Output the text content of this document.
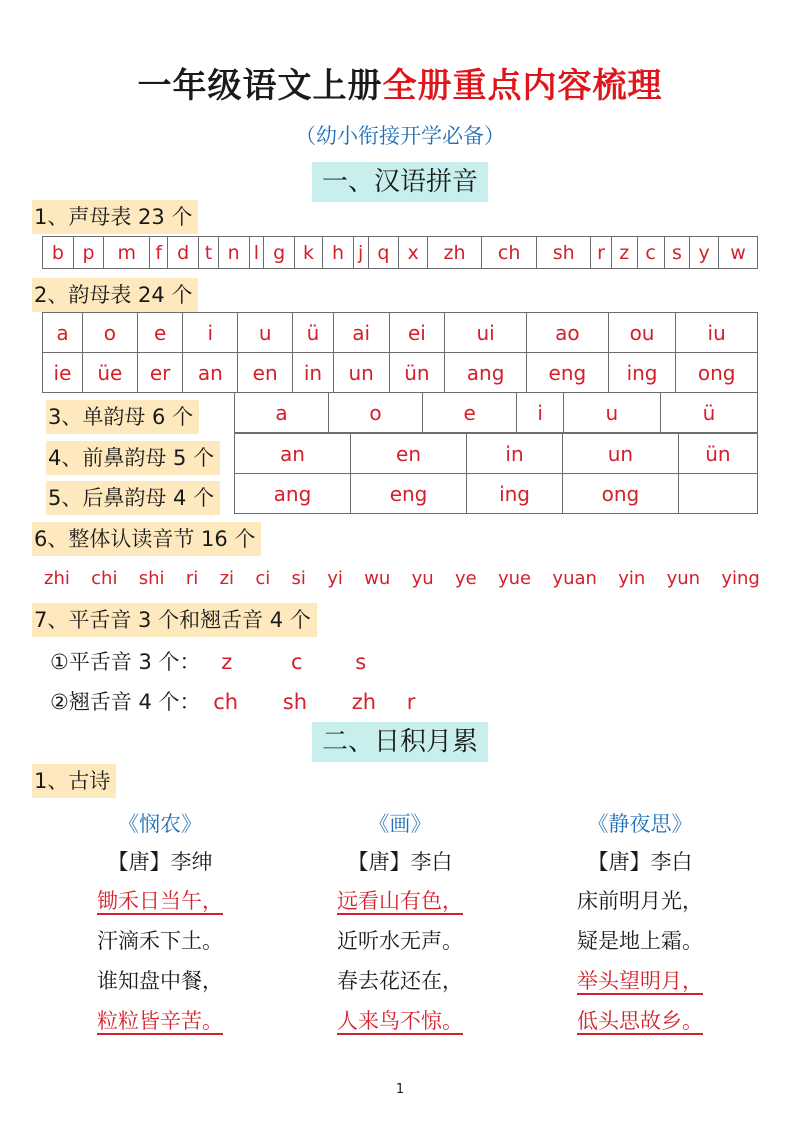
一年级语文上册全册重点内容梳理
（幼小衔接开学必备）
一、汉语拼音
1、声母表 23 个
b	p	m	f	d	t	n	l	g	k	h	j	q	x	zh	ch	sh	r	z	c	s	y	w
2、韵母表 24 个
a	o	e	i	u	ü	ai	ei	ui	ao	ou	iu
ie	üe	er	an	en	in	un	ün	ang	eng	ing	ong
3、单韵母 6 个
4、前鼻韵母 5 个
5、后鼻韵母 4 个
a	o	e	i	u	ü
an	en	in	un	ün
ang	eng	ing	ong	
6、整体认读音节 16 个
zhi chi shi ri zi ci si yi wu yu ye yue yuan yin yun ying
7、平舌音 3 个和翘舌音 4 个
①平舌音 3 个： z	c	s
②翘舌音 4 个： ch sh zh r
二、日积月累
1、古诗
《悯农》
【唐】李绅
锄禾日当午，
汗滴禾下土。
谁知盘中餐，
粒粒皆辛苦。
《画》
【唐】李白
远看山有色，
近听水无声。
春去花还在，
人来鸟不惊。
《静夜思》
【唐】李白
床前明月光，
疑是地上霜。
举头望明月，
低头思故乡。
1
